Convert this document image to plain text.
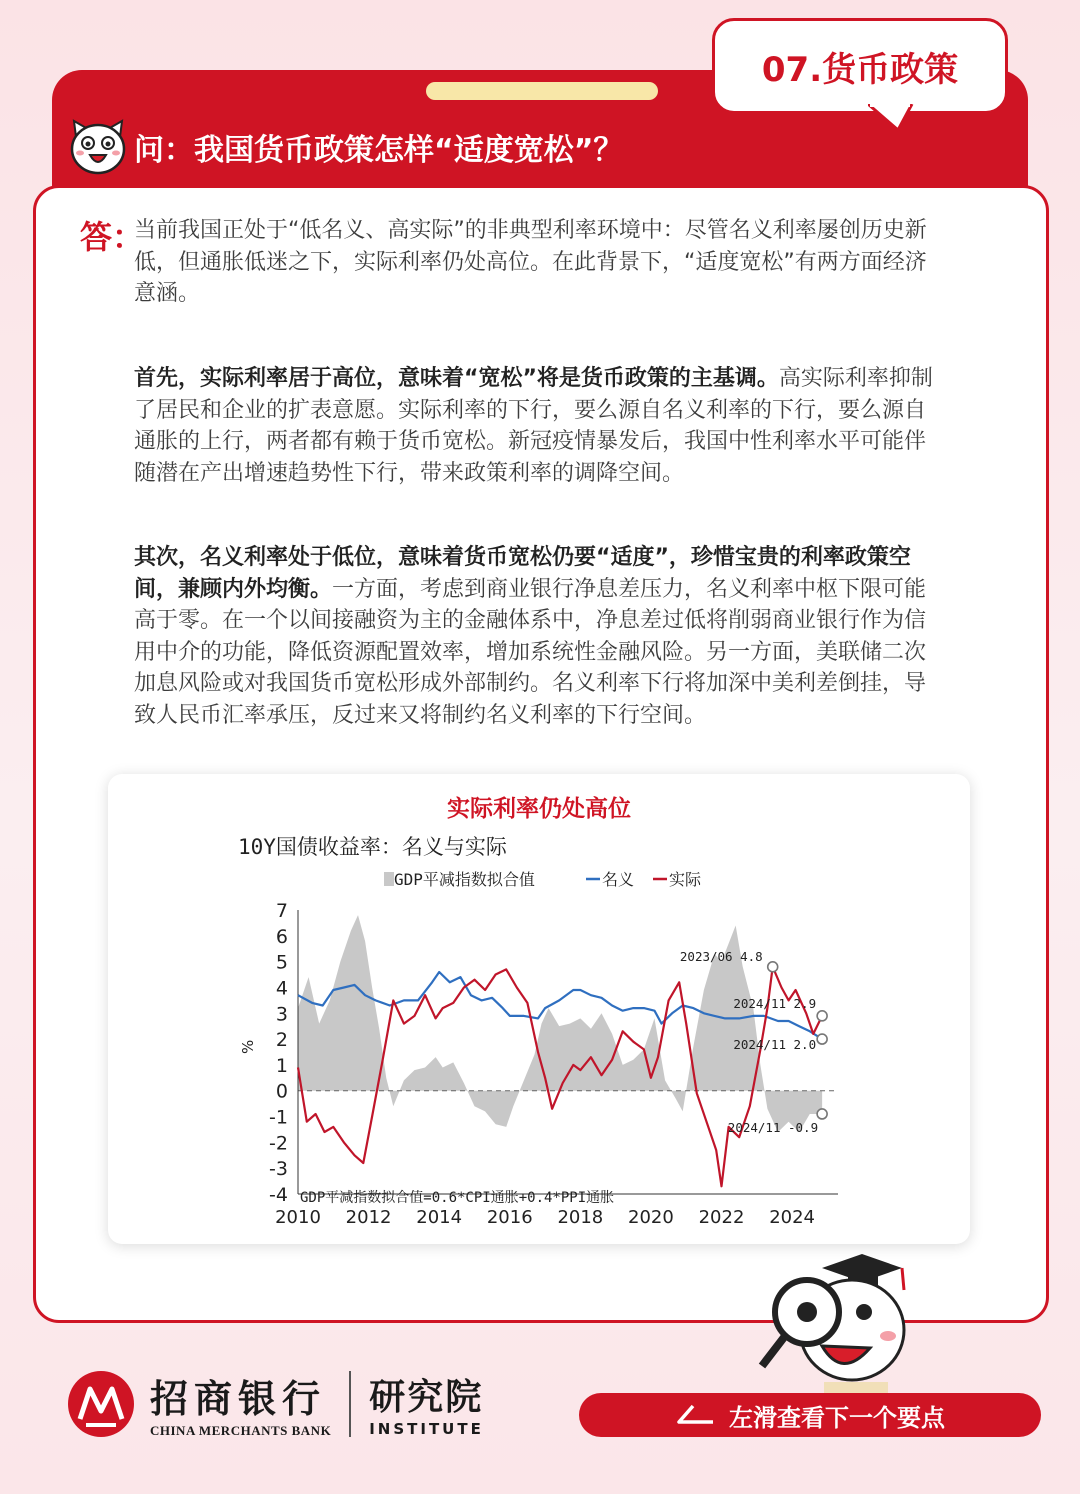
07.货币政策
问：我国货币政策怎样“适度宽松”？
答：

当前我国正处于“低名义、高实际”的非典型利率环境中：尽管名义利率屡创历史新低，但通胀低迷之下，实际利率仍处高位。在此背景下，“适度宽松”有两方面经济意涵。

首先，实际利率居于高位，意味着“宽松”将是货币政策的主基调。高实际利率抑制了居民和企业的扩表意愿。实际利率的下行，要么源自名义利率的下行，要么源自通胀的上行，两者都有赖于货币宽松。新冠疫情暴发后，我国中性利率水平可能伴随潜在产出增速趋势性下行，带来政策利率的调降空间。

其次，名义利率处于低位，意味着货币宽松仍要“适度”，珍惜宝贵的利率政策空间，兼顾内外均衡。一方面，考虑到商业银行净息差压力，名义利率中枢下限可能高于零。在一个以间接融资为主的金融体系中，净息差过低将削弱商业银行作为信用中介的功能，降低资源配置效率，增加系统性金融风险。另一方面，美联储二次加息风险或对我国货币宽松形成外部制约。名义利率下行将加深中美利差倒挂，导致人民币汇率承压，反过来又将制约名义利率的下行空间。

实际利率仍处高位
10Y国债收益率：名义与实际
GDP平减指数拟合值	名义 实际
7
6
5
4
3
2
1
0
-1
-2
-3
-4
2010 2012 2014 2016 2018 2020 2022 2024
2023/06 4.8
2024/11 2.9
2024/11 2.0
2024/11 -0.9
%
GDP平减指数拟合值=0.6*CPI通胀+0.4*PPI通胀
招商银行
CHINA MERCHANTS BANK
研究院
INSTITUTE	左滑查看下一个要点
